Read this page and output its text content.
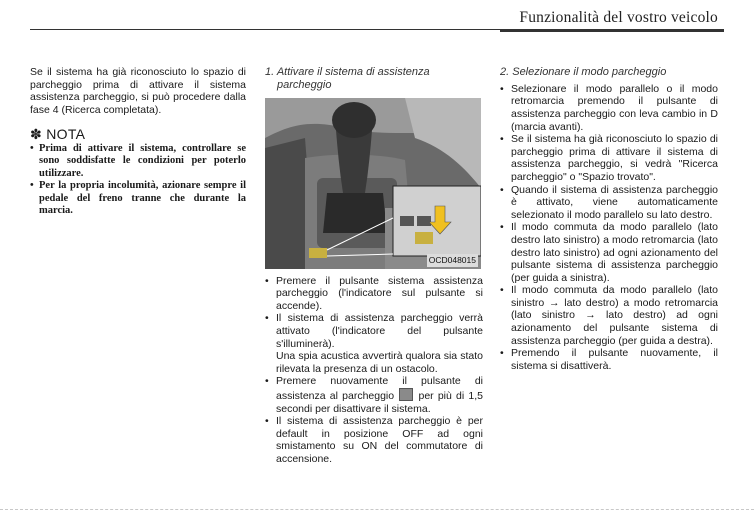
Funzionalità del vostro veicolo
Se il sistema ha già riconosciuto lo spazio di parcheggio prima di attivare il sistema assistenza parcheggio, si può procedere dalla fase 4 (Ricerca completata).
✽ NOTA
• Prima di attivare il sistema, controllare se sono soddisfatte le condizioni per poterlo utilizzare.
• Per la propria incolumità, azionare sempre il pedale del freno tranne che durante la marcia.
1. Attivare il sistema di assistenza parcheggio
OCD048015
• Premere il pulsante sistema assistenza parcheggio (l'indicatore sul pulsante si accende).
• Il sistema di assistenza parcheggio verrà attivato (l'indicatore del pulsante s'illuminerà).
Una spia acustica avvertirà qualora sia stato rilevata la presenza di un ostacolo.
• Premere nuovamente il pulsante di assistenza al parcheggio per più di 1,5 secondi per disattivare il sistema.
• Il sistema di assistenza parcheggio è per default in posizione OFF ad ogni smistamento su ON del commutatore di accensione.
2. Selezionare il modo parcheggio
• Selezionare il modo parallelo o il modo retromarcia premendo il pulsante di assistenza parcheggio con leva cambio in D (marcia avanti).
• Se il sistema ha già riconosciuto lo spazio di parcheggio prima di attivare il sistema di assistenza parcheggio, si vedrà "Ricerca parcheggio" o "Spazio trovato".
• Quando il sistema di assistenza parcheggio è attivato, viene automaticamente selezionato il modo parallelo su lato destro.
• Il modo commuta da modo parallelo (lato destro lato sinistro) a modo retromarcia (lato destro lato sinistro) ad ogni azionamento del pulsante sistema di assistenza parcheggio (per guida a sinistra).
• Il modo commuta da modo parallelo (lato sinistro → lato destro) a modo retromarcia (lato sinistro → lato destro) ad ogni azionamento del pulsante sistema di assistenza parcheggio (per guida a destra).
• Premendo il pulsante nuovamente, il sistema si disattiverà.
